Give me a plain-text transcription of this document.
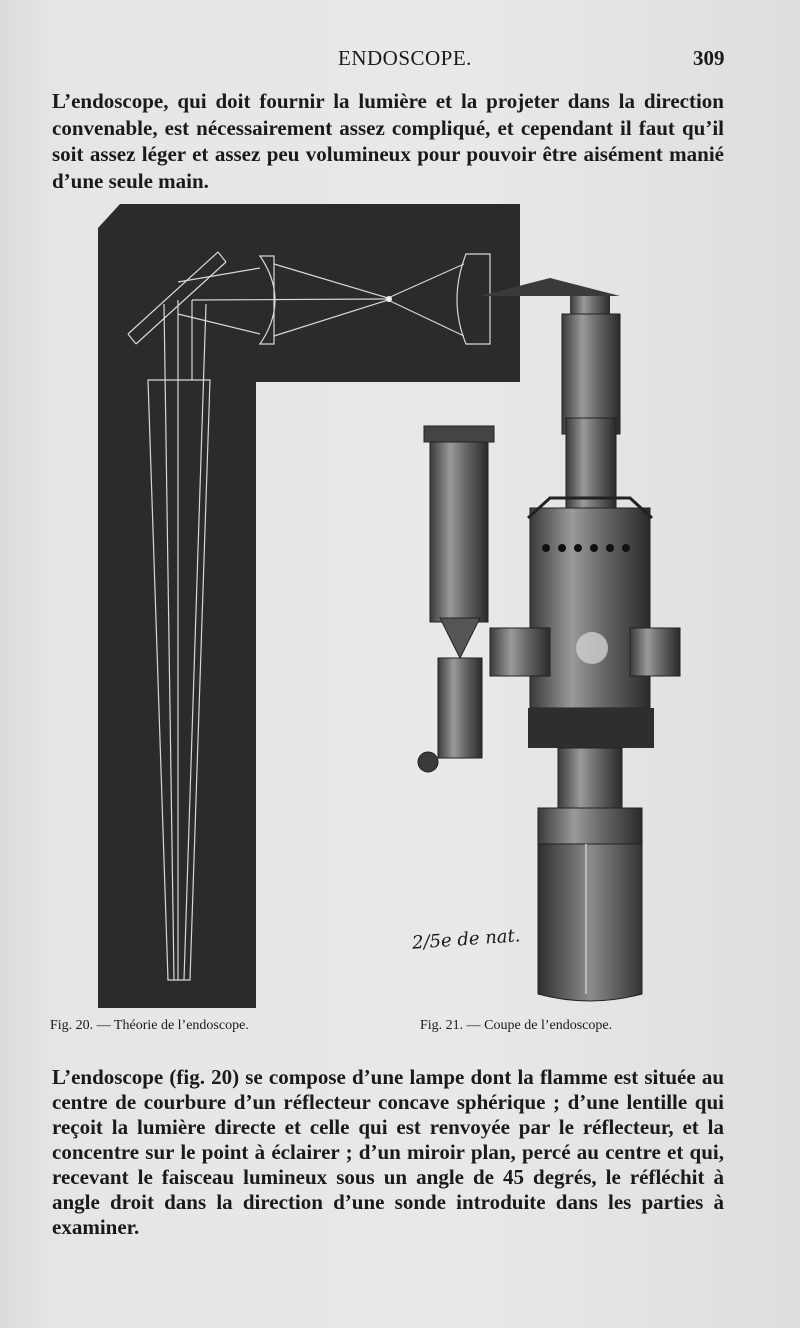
ENDOSCOPE.	309
L’endoscope, qui doit fournir la lumière et la projeter dans la direction convenable, est nécessairement assez compliqué, et cependant il faut qu’il soit assez léger et assez peu volumineux pour pouvoir être aisément manié d’une seule main.
2/5e de nat.
Fig. 20. — Théorie de l’endoscope.	Fig. 21. — Coupe de l’endoscope.
L’endoscope (fig. 20) se compose d’une lampe dont la flamme est située au centre de courbure d’un réflecteur concave sphérique ; d’une lentille qui reçoit la lumière directe et celle qui est renvoyée par le réflecteur, et la concentre sur le point à éclairer ; d’un miroir plan, percé au centre et qui, recevant le faisceau lumineux sous un angle de 45 degrés, le réfléchit à angle droit dans la direction d’une sonde introduite dans les parties à examiner.
